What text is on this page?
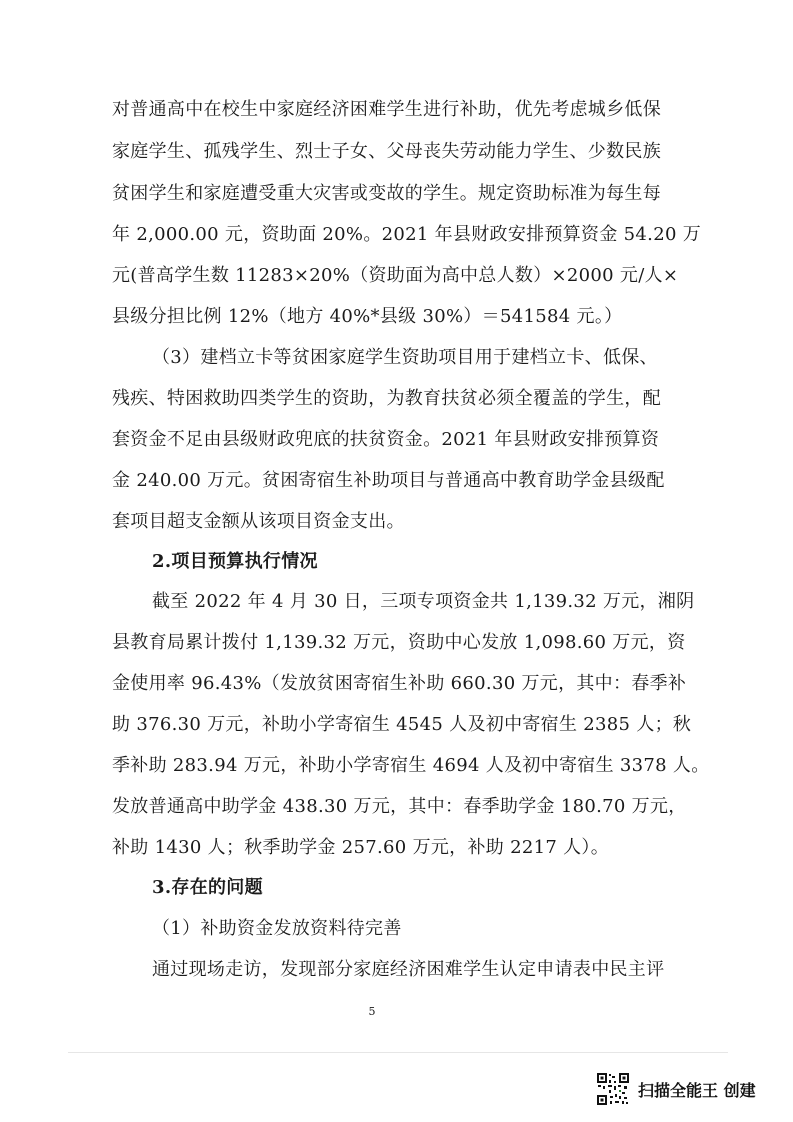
对普通高中在校生中家庭经济困难学生进行补助，优先考虑城乡低保
家庭学生、孤残学生、烈士子女、父母丧失劳动能力学生、少数民族
贫困学生和家庭遭受重大灾害或变故的学生。规定资助标准为每生每
年 2,000.00 元，资助面 20%。2021 年县财政安排预算资金 54.20 万
元(普高学生数 11283×20%（资助面为高中总人数）×2000 元/人×
县级分担比例 12%（地方 40%*县级 30%）＝541584 元。）
（3）建档立卡等贫困家庭学生资助项目用于建档立卡、低保、
残疾、特困救助四类学生的资助，为教育扶贫必须全覆盖的学生，配
套资金不足由县级财政兜底的扶贫资金。2021 年县财政安排预算资
金 240.00 万元。贫困寄宿生补助项目与普通高中教育助学金县级配
套项目超支金额从该项目资金支出。
2.项目预算执行情况
截至 2022 年 4 月 30 日，三项专项资金共 1,139.32 万元，湘阴
县教育局累计拨付 1,139.32 万元，资助中心发放 1,098.60 万元，资
金使用率 96.43%（发放贫困寄宿生补助 660.30 万元，其中：春季补
助 376.30 万元，补助小学寄宿生 4545 人及初中寄宿生 2385 人；秋
季补助 283.94 万元，补助小学寄宿生 4694 人及初中寄宿生 3378 人。
发放普通高中助学金 438.30 万元，其中：春季助学金 180.70 万元，
补助 1430 人；秋季助学金 257.60 万元，补助 2217 人）。
3.存在的问题
（1）补助资金发放资料待完善
通过现场走访，发现部分家庭经济困难学生认定申请表中民主评
5
扫描全能王 创建
